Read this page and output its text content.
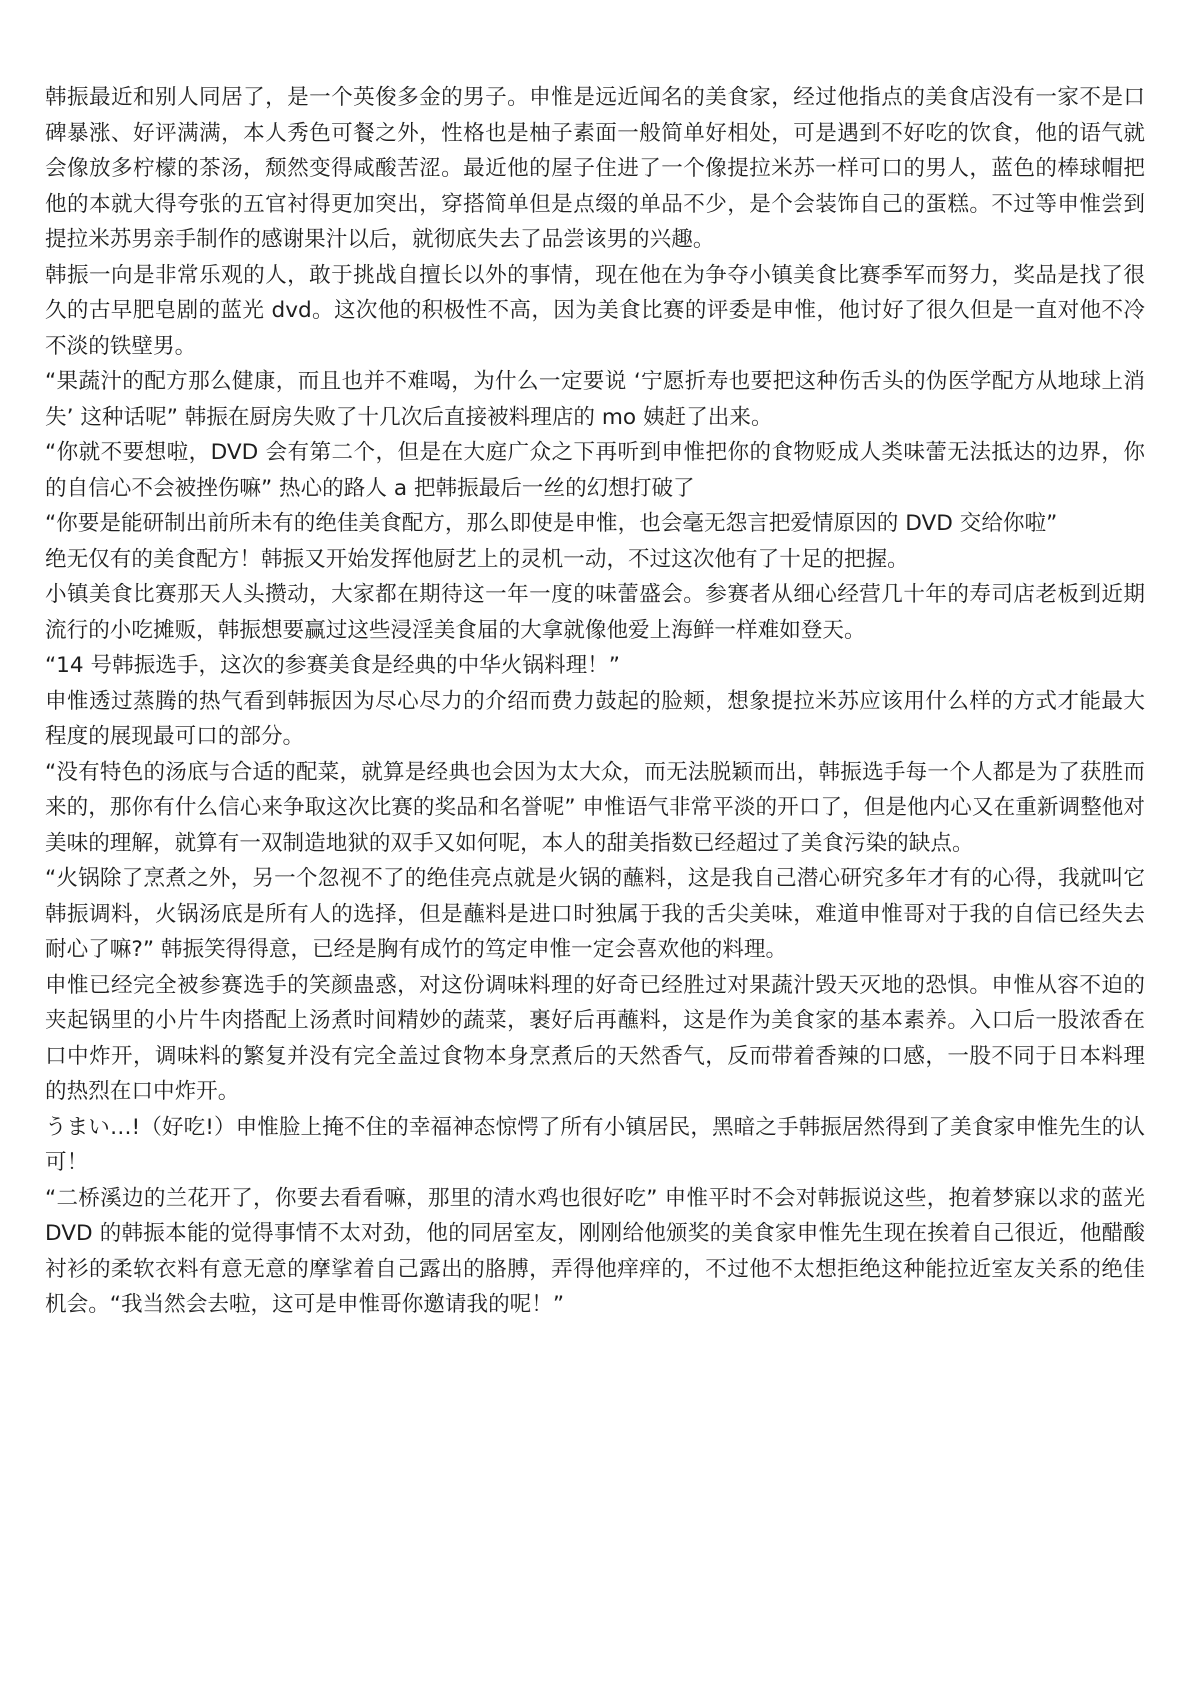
韩振最近和别人同居了，是一个英俊多金的男子。申惟是远近闻名的美食家，经过他指点的美食店没有一家不是口碑暴涨、好评满满，本人秀色可餐之外，性格也是柚子素面一般简单好相处，可是遇到不好吃的饮食，他的语气就会像放多柠檬的茶汤，颓然变得咸酸苦涩。最近他的屋子住进了一个像提拉米苏一样可口的男人，蓝色的棒球帽把他的本就大得夸张的五官衬得更加突出，穿搭简单但是点缀的单品不少，是个会装饰自己的蛋糕。不过等申惟尝到提拉米苏男亲手制作的感谢果汁以后，就彻底失去了品尝该男的兴趣。

韩振一向是非常乐观的人，敢于挑战自擅长以外的事情，现在他在为争夺小镇美食比赛季军而努力，奖品是找了很久的古早肥皂剧的蓝光 dvd。这次他的积极性不高，因为美食比赛的评委是申惟，他讨好了很久但是一直对他不冷不淡的铁壁男。

“果蔬汁的配方那么健康，而且也并不难喝，为什么一定要说 ‘宁愿折寿也要把这种伤舌头的伪医学配方从地球上消失’ 这种话呢” 韩振在厨房失败了十几次后直接被料理店的 mo 姨赶了出来。

“你就不要想啦，DVD 会有第二个，但是在大庭广众之下再听到申惟把你的食物贬成人类味蕾无法抵达的边界，你的自信心不会被挫伤嘛” 热心的路人 a 把韩振最后一丝的幻想打破了

“你要是能研制出前所未有的绝佳美食配方，那么即使是申惟，也会毫无怨言把爱情原因的 DVD 交给你啦”

绝无仅有的美食配方！韩振又开始发挥他厨艺上的灵机一动，不过这次他有了十足的把握。

小镇美食比赛那天人头攒动，大家都在期待这一年一度的味蕾盛会。参赛者从细心经营几十年的寿司店老板到近期流行的小吃摊贩，韩振想要赢过这些浸淫美食届的大拿就像他爱上海鲜一样难如登天。

“14 号韩振选手，这次的参赛美食是经典的中华火锅料理！”

申惟透过蒸腾的热气看到韩振因为尽心尽力的介绍而费力鼓起的脸颊，想象提拉米苏应该用什么样的方式才能最大程度的展现最可口的部分。

“没有特色的汤底与合适的配菜，就算是经典也会因为太大众，而无法脱颖而出，韩振选手每一个人都是为了获胜而来的，那你有什么信心来争取这次比赛的奖品和名誉呢” 申惟语气非常平淡的开口了，但是他内心又在重新调整他对美味的理解，就算有一双制造地狱的双手又如何呢，本人的甜美指数已经超过了美食污染的缺点。

“火锅除了烹煮之外，另一个忽视不了的绝佳亮点就是火锅的蘸料，这是我自己潜心研究多年才有的心得，我就叫它韩振调料，火锅汤底是所有人的选择，但是蘸料是进口时独属于我的舌尖美味，难道申惟哥对于我的自信已经失去耐心了嘛?” 韩振笑得得意，已经是胸有成竹的笃定申惟一定会喜欢他的料理。

申惟已经完全被参赛选手的笑颜蛊惑，对这份调味料理的好奇已经胜过对果蔬汁毁天灭地的恐惧。申惟从容不迫的夹起锅里的小片牛肉搭配上汤煮时间精妙的蔬菜，裹好后再蘸料，这是作为美食家的基本素养。入口后一股浓香在口中炸开，调味料的繁复并没有完全盖过食物本身烹煮后的天然香气，反而带着香辣的口感，一股不同于日本料理的热烈在口中炸开。

うまい…!（好吃!）申惟脸上掩不住的幸福神态惊愕了所有小镇居民，黑暗之手韩振居然得到了美食家申惟先生的认可！

“二桥溪边的兰花开了，你要去看看嘛，那里的清水鸡也很好吃” 申惟平时不会对韩振说这些，抱着梦寐以求的蓝光 DVD 的韩振本能的觉得事情不太对劲，他的同居室友，刚刚给他颁奖的美食家申惟先生现在挨着自己很近，他醋酸衬衫的柔软衣料有意无意的摩挲着自己露出的胳膊，弄得他痒痒的，不过他不太想拒绝这种能拉近室友关系的绝佳机会。“我当然会去啦，这可是申惟哥你邀请我的呢！”
